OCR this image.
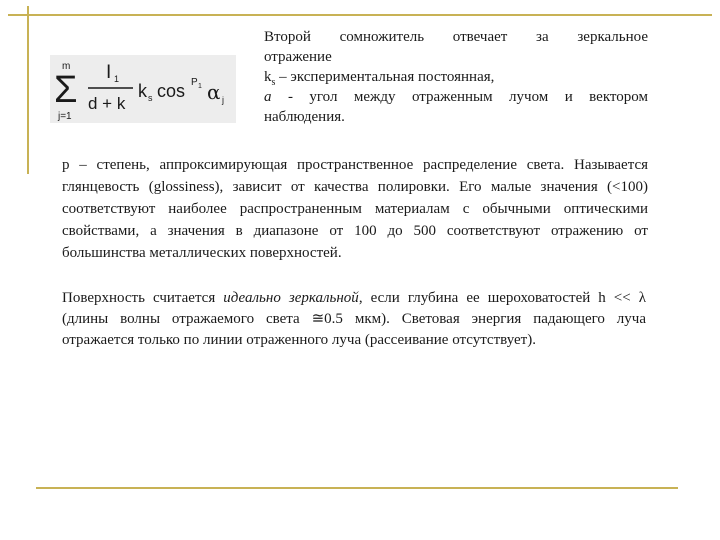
m
Σ
j=1
I 1
d + k
k s cos P 1 α j
Второй сомножитель отвечает за зеркальное
отражение
$k_s$ – экспериментальная постоянная,
a - угол между отраженным лучом и вектором
наблюдения.
p – степень, аппроксимирующая пространственное распределение света. Называется глянцевость (glossiness), зависит от качества полировки. Его малые значения (<100) соответствуют наиболее распространенным материалам с обычными оптическими свойствами, а значения в диапазоне от 100 до 500 соответствуют отражению от большинства металлических поверхностей.
Поверхность считается идеально зеркальной, если глубина ее шероховатостей h << λ (длины волны отражаемого света ≅0.5 мкм). Световая энергия падающего луча отражается только по линии отраженного луча (рассеивание отсутствует).
